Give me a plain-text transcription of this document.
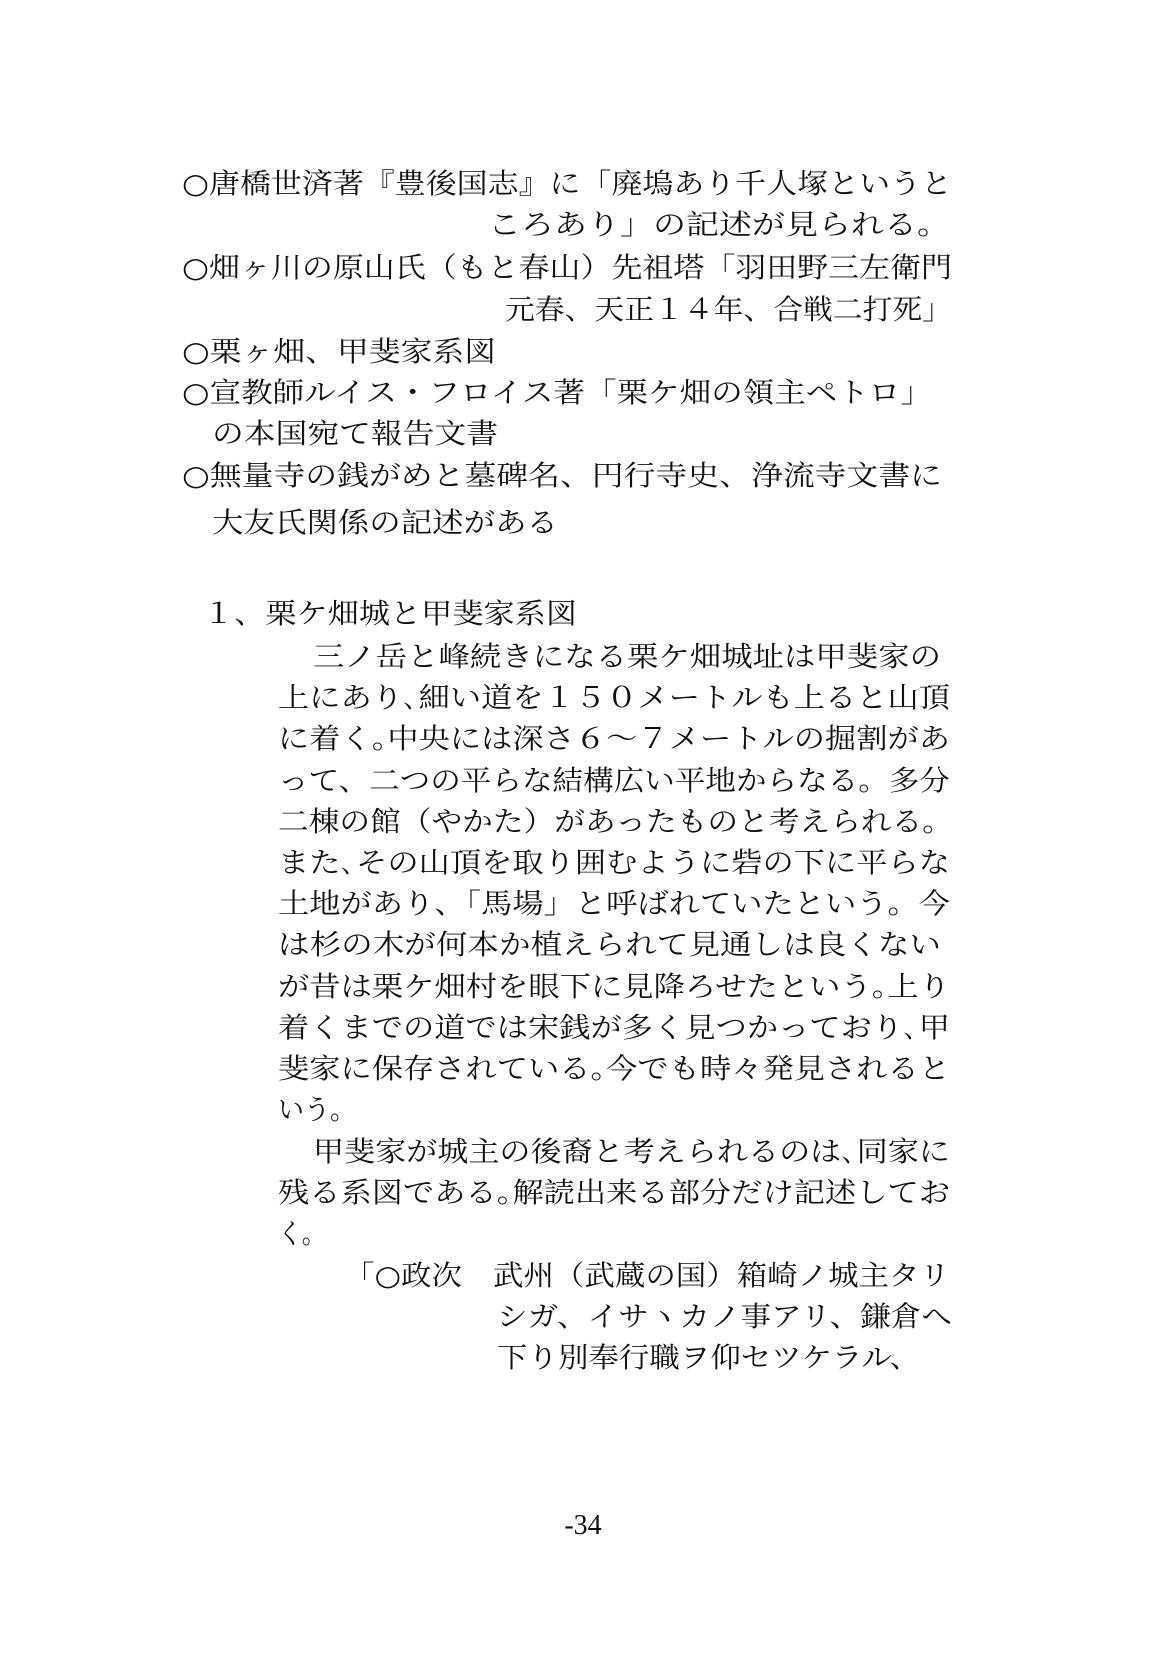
○唐橋世済著『豊後国志』に「廃塢あり千人塚というと
ころあり」の記述が見られる。
○畑ヶ川の原山氏（もと春山）先祖塔「羽田野三左衛門
元春、天正１４年、合戦二打死」
○栗ヶ畑、甲斐家系図
○宣教師ルイス・フロイス著「栗ケ畑の領主ペトロ」
の本国宛て報告文書
○無量寺の銭がめと墓碑名、円行寺史、浄流寺文書に
大友氏関係の記述がある
１、栗ケ畑城と甲斐家系図
三ノ岳と峰続きになる栗ケ畑城址は甲斐家の
上にあり､細い道を１５０メートルも上ると山頂
に着く｡中央には深さ６～７メートルの掘割があ
って、二つの平らな結構広い平地からなる。多分
二棟の館（やかた）があったものと考えられる。
また､その山頂を取り囲むように砦の下に平らな
土地があり、「馬場」と呼ばれていたという。今
は杉の木が何本か植えられて見通しは良くない
が昔は栗ケ畑村を眼下に見降ろせたという｡上り
着くまでの道では宋銭が多く見つかっており､甲
斐家に保存されている｡今でも時々発見されると
いう。
甲斐家が城主の後裔と考えられるのは､同家に
残る系図である｡解読出来る部分だけ記述してお
く。
「○政次 武州（武蔵の国）箱崎ノ城主タリ
シガ、イサヽカノ事アリ、鎌倉へ
下り別奉行職ヲ仰セツケラル、
-34
